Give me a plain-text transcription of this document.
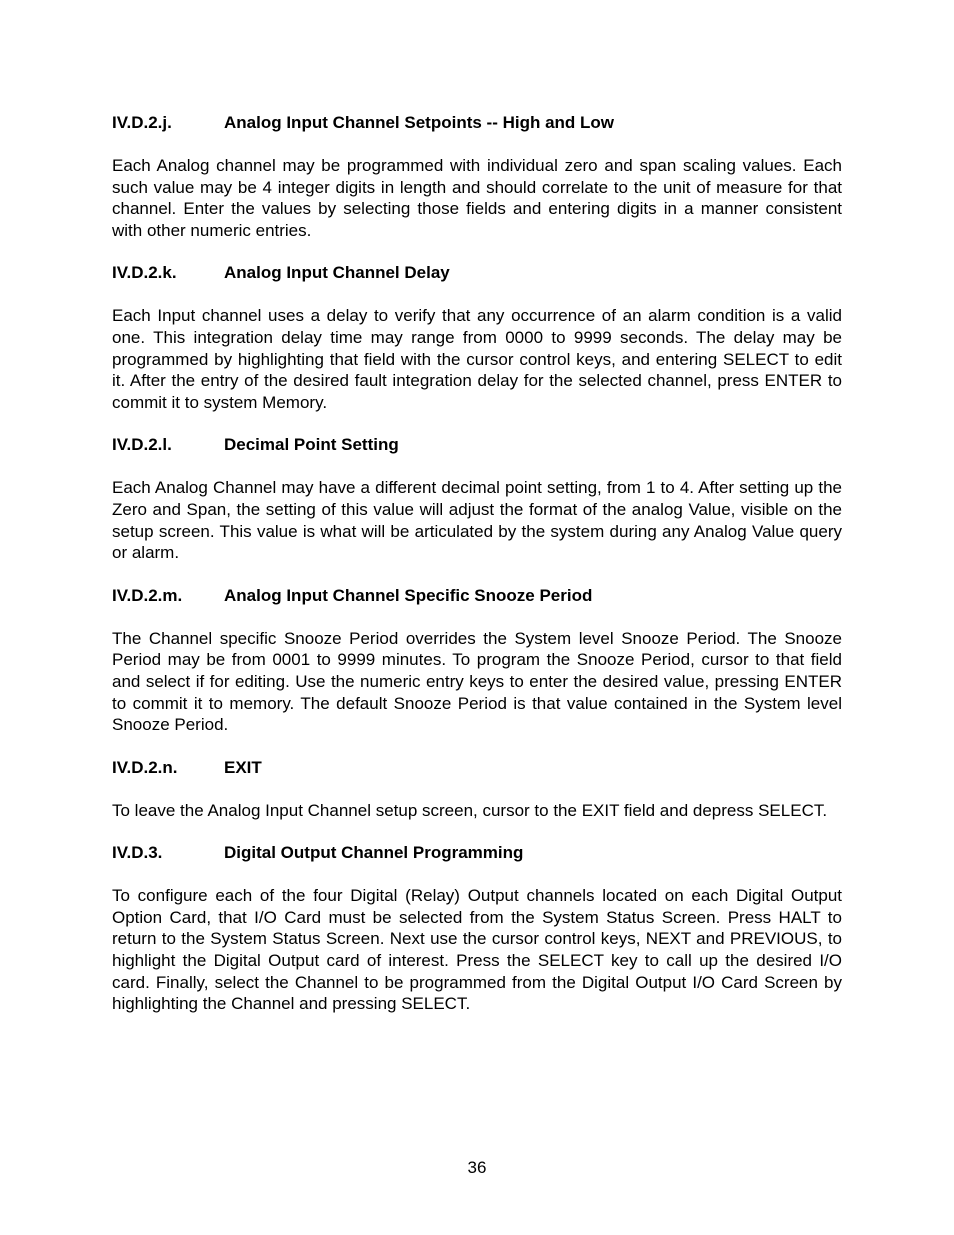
IV.D.2.j.	Analog Input Channel Setpoints -- High and Low

Each Analog channel may be programmed with individual zero and span scaling values. Each such value may be 4 integer digits in length and should correlate to the unit of measure for that channel. Enter the values by selecting those fields and entering digits in a manner consistent with other numeric entries.

IV.D.2.k.	Analog Input Channel Delay

Each Input channel uses a delay to verify that any occurrence of an alarm condition is a valid one. This integration delay time may range from 0000 to 9999 seconds. The delay may be programmed by highlighting that field with the cursor control keys, and entering SELECT to edit it. After the entry of the desired fault integration delay for the selected channel, press ENTER to commit it to system Memory.

IV.D.2.l.	Decimal Point Setting

Each Analog Channel may have a different decimal point setting, from 1 to 4. After setting up the Zero and Span, the setting of this value will adjust the format of the analog Value, visible on the setup screen. This value is what will be articulated by the system during any Analog Value query or alarm.

IV.D.2.m.	Analog Input Channel Specific Snooze Period

The Channel specific Snooze Period overrides the System level Snooze Period. The Snooze Period may be from 0001 to 9999 minutes. To program the Snooze Period, cursor to that field and select if for editing. Use the numeric entry keys to enter the desired value, pressing ENTER to commit it to memory. The default Snooze Period is that value contained in the System level Snooze Period.

IV.D.2.n.	EXIT

To leave the Analog Input Channel setup screen, cursor to the EXIT field and depress SELECT.

IV.D.3.	Digital Output Channel Programming

To configure each of the four Digital (Relay) Output channels located on each Digital Output Option Card, that I/O Card must be selected from the System Status Screen. Press HALT to return to the System Status Screen. Next use the cursor control keys, NEXT and PREVIOUS, to highlight the Digital Output card of interest. Press the SELECT key to call up the desired I/O card. Finally, select the Channel to be programmed from the Digital Output I/O Card Screen by highlighting the Channel and pressing SELECT.

36
